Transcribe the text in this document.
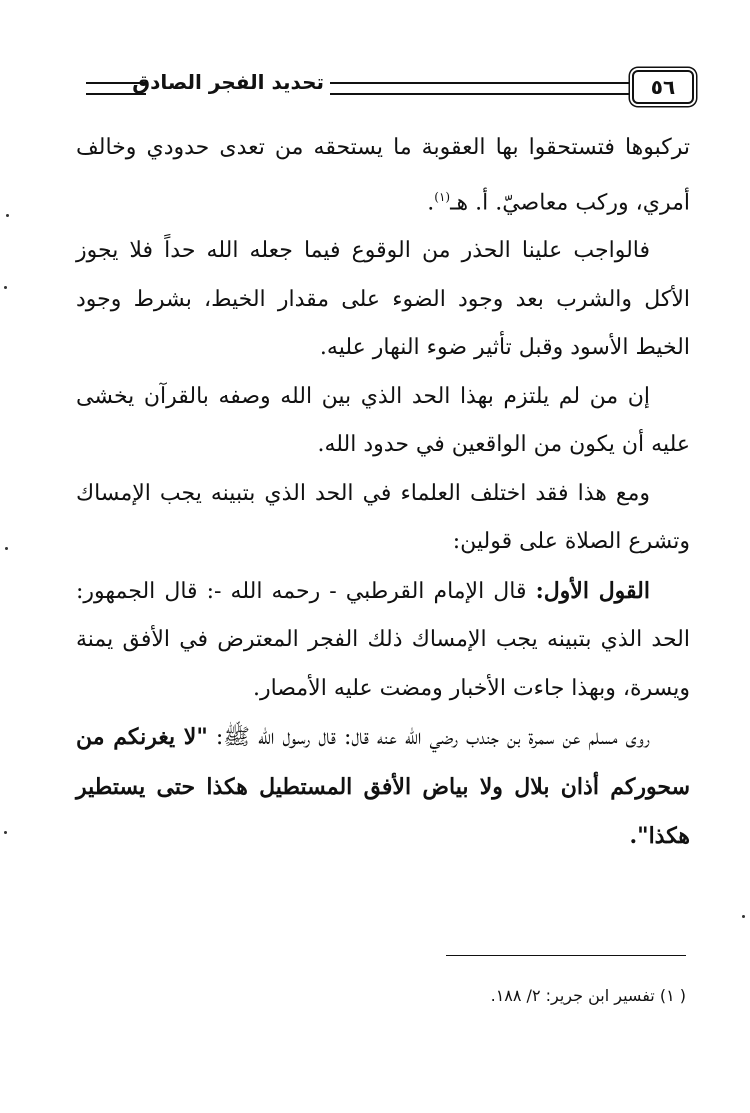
تحديد الفجر الصادق	٥٦

تركبوها فتستحقوا بها العقوبة ما يستحقه من تعدى حدودي وخالف أمري، وركب معاصيّ. أ. هـ$^{(١)}$.

فالواجب علينا الحذر من الوقوع فيما جعله الله حداً فلا يجوز الأكل والشرب بعد وجود الضوء على مقدار الخيط، بشرط وجود الخيط الأسود وقبل تأثير ضوء النهار عليه.

إن من لم يلتزم بهذا الحد الذي بين الله وصفه بالقرآن يخشى عليه أن يكون من الواقعين في حدود الله.

ومع هذا فقد اختلف العلماء في الحد الذي بتبينه يجب الإمساك وتشرع الصلاة على قولين:

القول الأول: قال الإمام القرطبي - رحمه الله -: قال الجمهور: الحد الذي بتبينه يجب الإمساك ذلك الفجر المعترض في الأفق يمنة ويسرة، وبهذا جاءت الأخبار ومضت عليه الأمصار.

روى مسلم عن سمرة بن جندب رضي الله عنه قال: قال رسول الله ﷺ: "لا يغرنكم من سحوركم أذان بلال ولا بياض الأفق المستطيل هكذا حتى يستطير هكذا".

( ١) تفسير ابن جرير: ٢/ ١٨٨.
